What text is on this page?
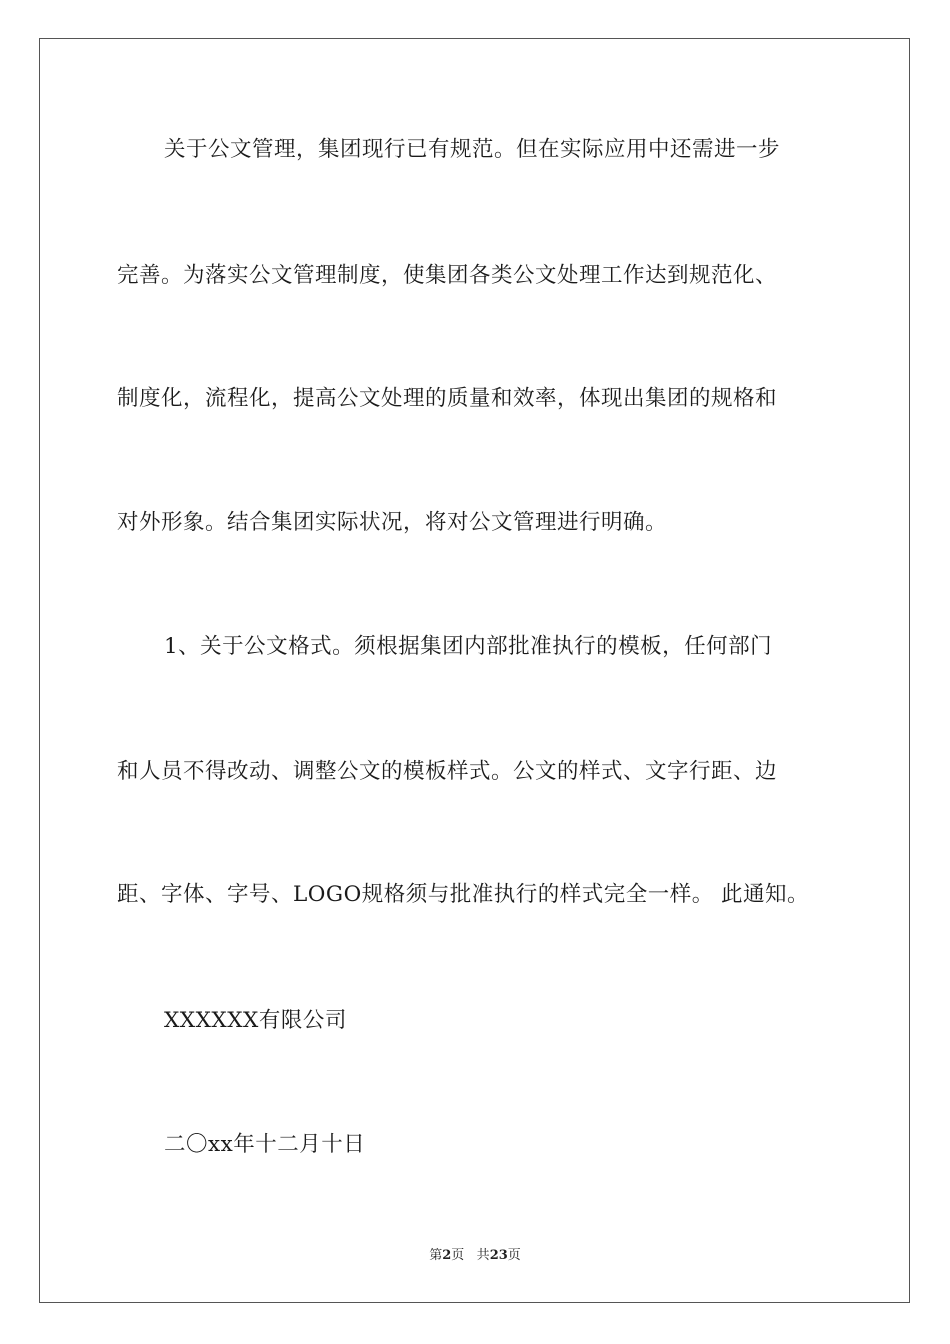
关于公文管理，集团现行已有规范。但在实际应用中还需进一步
完善。为落实公文管理制度，使集团各类公文处理工作达到规范化、
制度化，流程化，提高公文处理的质量和效率，体现出集团的规格和
对外形象。结合集团实际状况，将对公文管理进行明确。
1、关于公文格式。须根据集团内部批准执行的模板，任何部门
和人员不得改动、调整公文的模板样式。公文的样式、文字行距、边
距、字体、字号、LOGO规格须与批准执行的样式完全一样。 此通知。
XXXXXX有限公司
二〇xx年十二月十日
第2页 共23页
